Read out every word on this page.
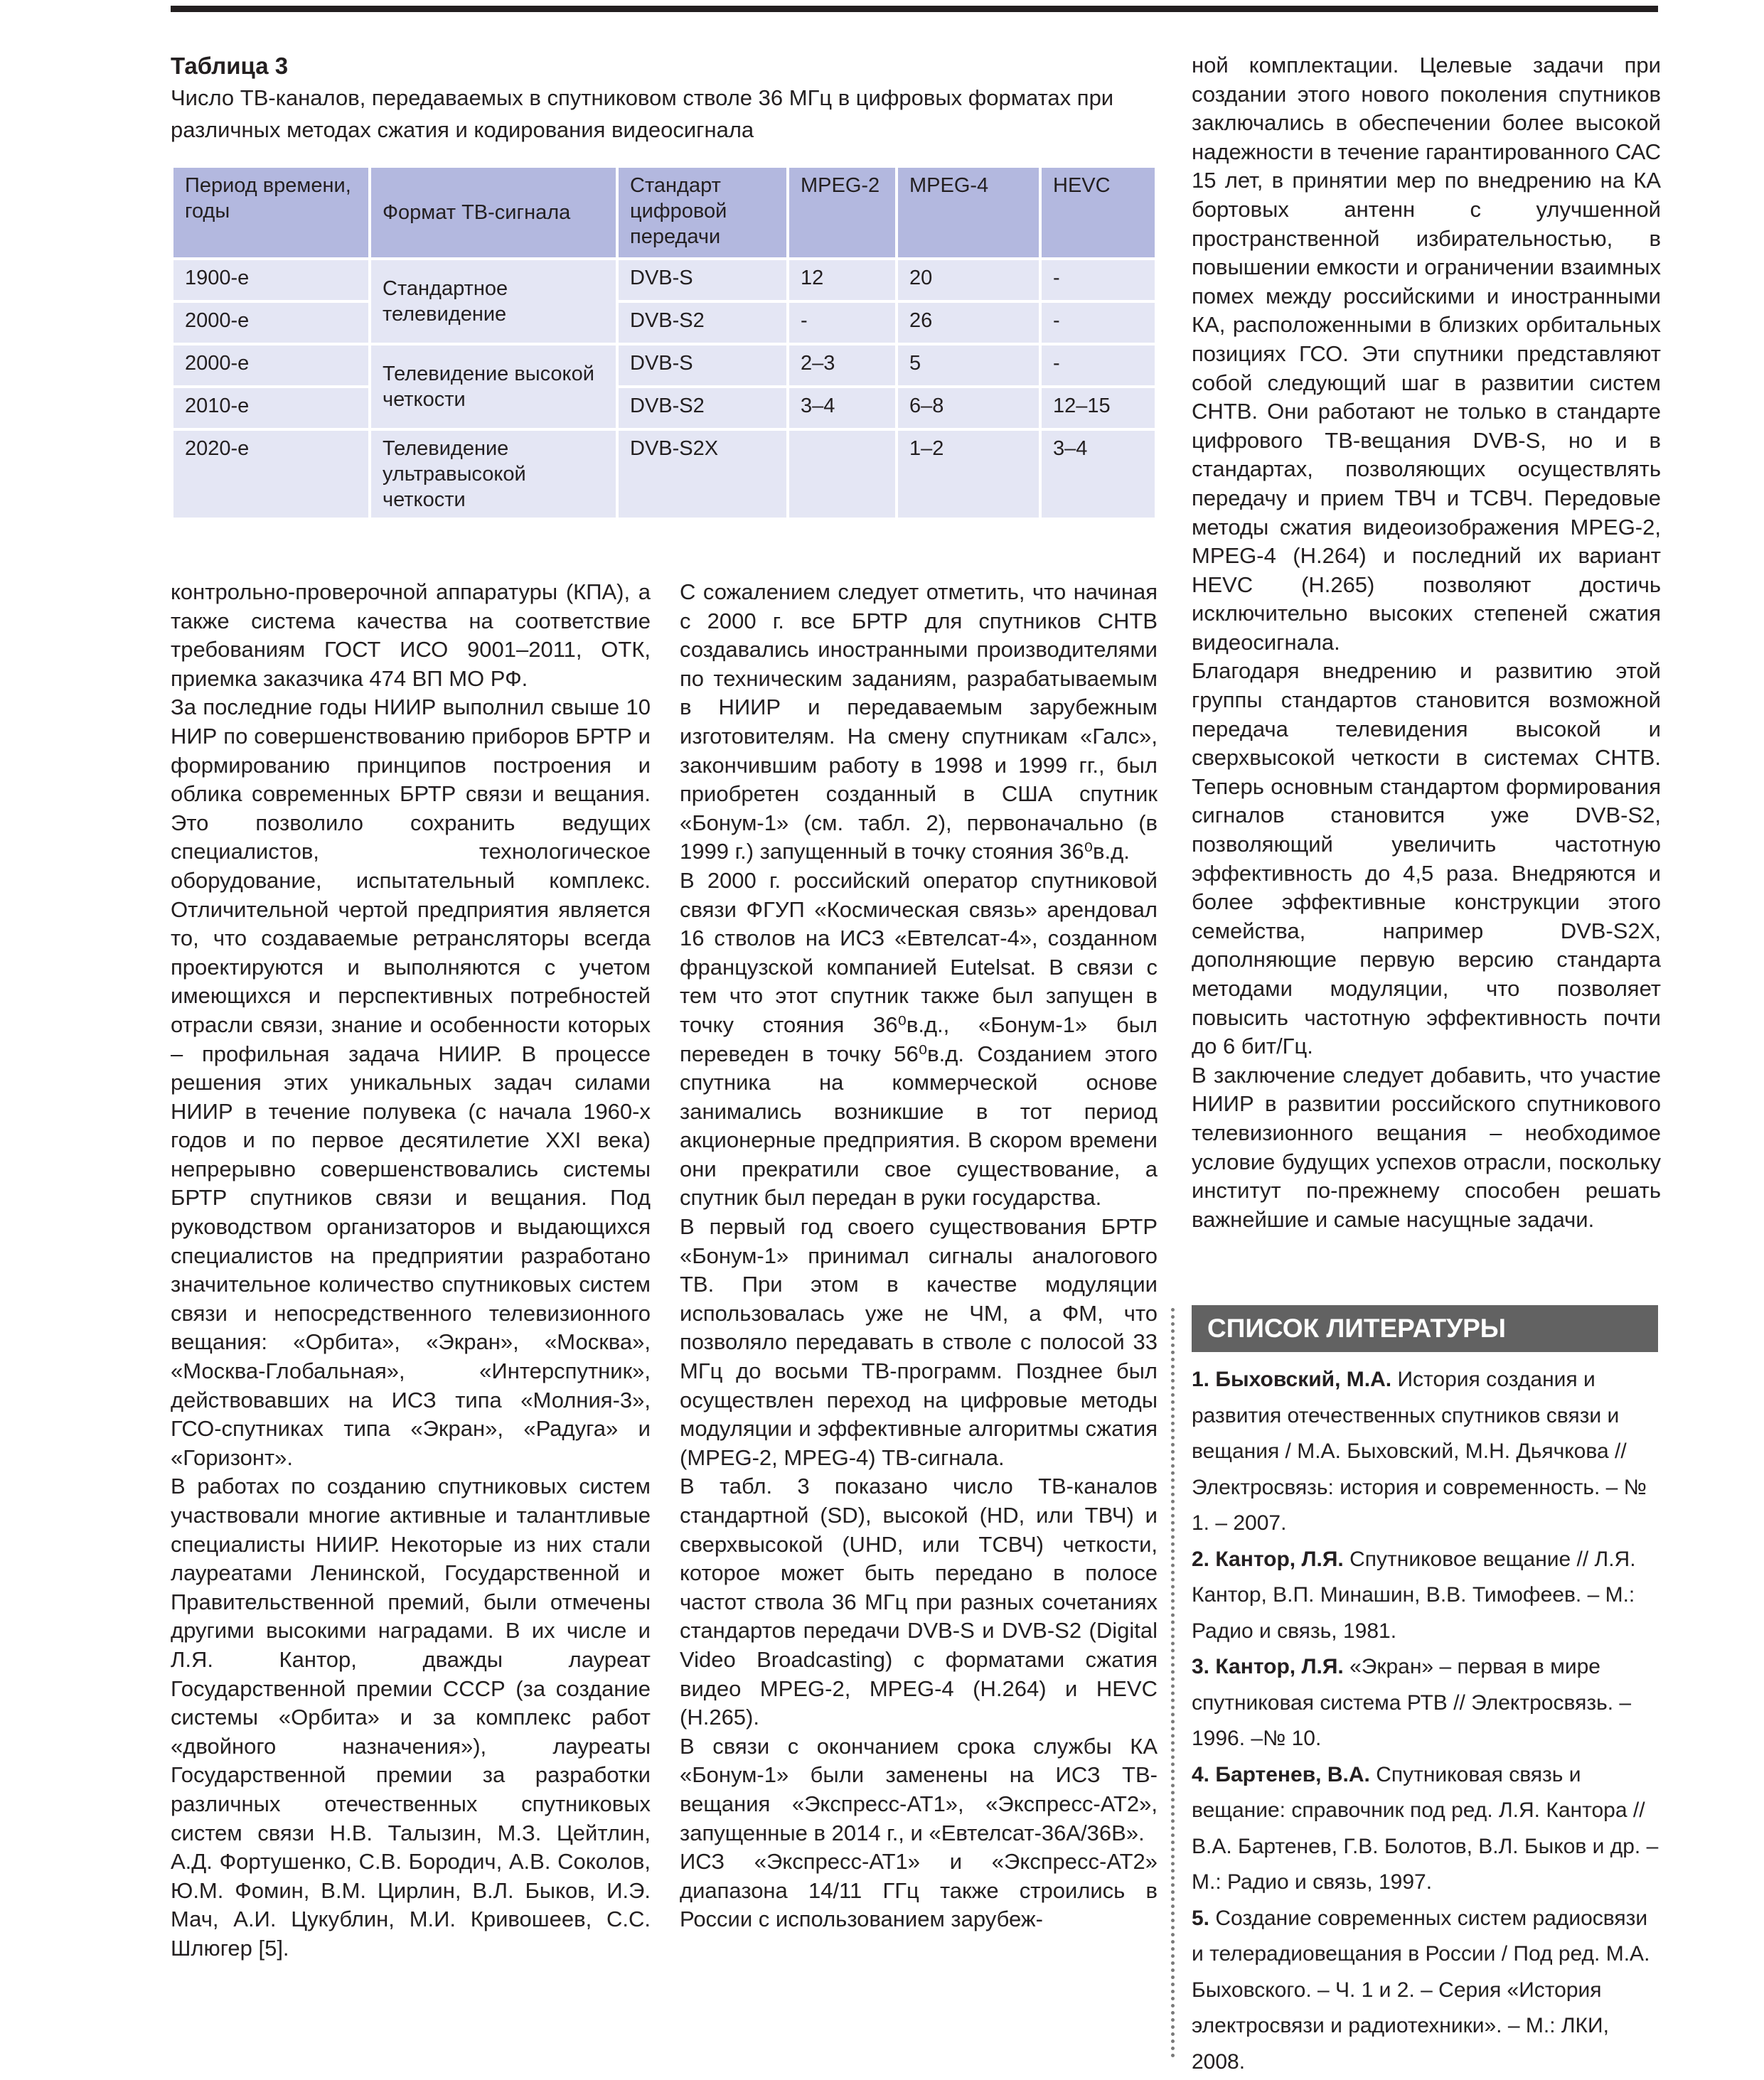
Таблица 3
Число ТВ-каналов, передаваемых в спутниковом стволе 36 МГц в цифровых форматах при различных методах сжатия и кодирования видеосигнала
Период времени, годы	Формат ТВ-сигнала	Стандарт цифровой передачи	MPEG-2	MPEG-4	HEVC
1900-е	Стандартное телевидение	DVB-S	12	20	-
2000-е		DVB-S2	-	26	-
2000-е	Телевидение высокой четкости	DVB-S	2–3	5	-
2010-е		DVB-S2	3–4	6–8	12–15
2020-е	Телевидение ультравысокой четкости	DVB-S2X		1–2	3–4

контрольно-проверочной аппаратуры (КПА), а также система качества на соответствие требованиям ГОСТ ИСО 9001–2011, ОТК, приемка заказчика 474 ВП МО РФ.

За последние годы НИИР выполнил свыше 10 НИР по совершенствованию приборов БРТР и формированию принципов построения и облика современных БРТР связи и вещания. Это позволило сохранить ведущих специалистов, технологическое оборудование, испытательный комплекс. Отличительной чертой предприятия является то, что создаваемые ретрансляторы всегда проектируются и выполняются с учетом имеющихся и перспективных потребностей отрасли связи, знание и особенности которых – профильная задача НИИР. В процессе решения этих уникальных задач силами НИИР в течение полувека (с начала 1960-х годов и по первое десятилетие XXI века) непрерывно совершенствовались системы БРТР спутников связи и вещания. Под руководством организаторов и выдающихся специалистов на предприятии разработано значительное количество спутниковых систем связи и непосредственного телевизионного вещания: «Орбита», «Экран», «Москва», «Москва-Глобальная», «Интерспутник», действовавших на ИСЗ типа «Молния-3», ГСО-спутниках типа «Экран», «Радуга» и «Горизонт».

В работах по созданию спутниковых систем участвовали многие активные и талантливые специалисты НИИР. Некоторые из них стали лауреатами Ленинской, Государственной и Правительственной премий, были отмечены другими высокими наградами. В их числе и Л.Я. Кантор, дважды лауреат Государственной премии СССР (за создание системы «Орбита» и за комплекс работ «двойного назначения»), лауреаты Государственной премии за разработки различных отечественных спутниковых систем связи Н.В. Талызин, М.З. Цейтлин, А.Д. Фортушенко, С.В. Бородич, А.В. Соколов, Ю.М. Фомин, В.М. Цирлин, В.Л. Быков, И.Э. Мач, А.И. Цукублин, М.И. Кривошеев, С.С. Шлюгер [5].

С сожалением следует отметить, что начиная с 2000 г. все БРТР для спутников СНТВ создавались иностранными производителями по техническим заданиям, разрабатываемым в НИИР и передаваемым зарубежным изготовителям. На смену спутникам «Галс», закончившим работу в 1998 и 1999 гг., был приобретен созданный в США спутник «Бонум-1» (см. табл. 2), первоначально (в 1999 г.) запущенный в точку стояния 36⁰в.д.

В 2000 г. российский оператор спутниковой связи ФГУП «Космическая связь» арендовал 16 стволов на ИСЗ «Евтелсат-4», созданном французской компанией Eutelsat. В связи с тем что этот спутник также был запущен в точку стояния 36⁰в.д., «Бонум-1» был переведен в точку 56⁰в.д. Созданием этого спутника на коммерческой основе занимались возникшие в тот период акционерные предприятия. В скором времени они прекратили свое существование, а спутник был передан в руки государства.

В первый год своего существования БРТР «Бонум-1» принимал сигналы аналогового ТВ. При этом в качестве модуляции использовалась уже не ЧМ, а ФМ, что позволяло передавать в стволе с полосой 33 МГц до восьми ТВ-программ. Позднее был осуществлен переход на цифровые методы модуляции и эффективные алгоритмы сжатия (MPEG-2, MPEG-4) ТВ-сигнала.

В табл. 3 показано число ТВ-каналов стандартной (SD), высокой (HD, или ТВЧ) и сверхвысокой (UHD, или ТСВЧ) четкости, которое может быть передано в полосе частот ствола 36 МГц при разных сочетаниях стандартов передачи DVB-S и DVB-S2 (Digital Video Broadcasting) с форматами сжатия видео MPEG-2, MPEG-4 (H.264) и HEVC (H.265).

В связи с окончанием срока службы КА «Бонум-1» были заменены на ИСЗ ТВ-вещания «Экспресс-АТ1», «Экспресс-АТ2», запущенные в 2014 г., и «Евтелсат-36А/36В».

ИСЗ «Экспресс-АТ1» и «Экспресс-АТ2» диапазона 14/11 ГГц также строились в России с использованием зарубеж-

ной комплектации. Целевые задачи при создании этого нового поколения спутников заключались в обеспечении более высокой надежности в течение гарантированного САС 15 лет, в принятии мер по внедрению на КА бортовых антенн с улучшенной пространственной избирательностью, в повышении емкости и ограничении взаимных помех между российскими и иностранными КА, расположенными в близких орбитальных позициях ГСО. Эти спутники представляют собой следующий шаг в развитии систем СНТВ. Они работают не только в стандарте цифрового ТВ-вещания DVB-S, но и в стандартах, позволяющих осуществлять передачу и прием ТВЧ и ТСВЧ. Передовые методы сжатия видеоизображения MPEG-2, MPEG-4 (H.264) и последний их вариант HEVC (H.265) позволяют достичь исключительно высоких степеней сжатия видеосигнала.

Благодаря внедрению и развитию этой группы стандартов становится возможной передача телевидения высокой и сверхвысокой четкости в системах СНТВ. Теперь основным стандартом формирования сигналов становится уже DVB-S2, позволяющий увеличить частотную эффективность до 4,5 раза. Внедряются и более эффективные конструкции этого семейства, например DVB-S2X, дополняющие первую версию стандарта методами модуляции, что позволяет повысить частотную эффективность почти до 6 бит/Гц.

В заключение следует добавить, что участие НИИР в развитии российского спутникового телевизионного вещания – необходимое условие будущих успехов отрасли, поскольку институт по-прежнему способен решать важнейшие и самые насущные задачи.

СПИСОК ЛИТЕРАТУРЫ

1. Быховский, М.А. История создания и развития отечественных спутников связи и вещания / М.А. Быховский, М.Н. Дьячкова // Электросвязь: история и современность. – № 1. – 2007.

2. Кантор, Л.Я. Спутниковое вещание // Л.Я. Кантор, В.П. Минашин, В.В. Тимофеев. – М.: Радио и связь, 1981.

3. Кантор, Л.Я. «Экран» – первая в мире спутниковая система РТВ // Электросвязь. – 1996. –№ 10.

4. Бартенев, В.А. Спутниковая связь и вещание: справочник под ред. Л.Я. Кантора // В.А. Бартенев, Г.В. Болотов, В.Л. Быков и др. – М.: Радио и связь, 1997.

5. Создание современных систем радиосвязи и телерадиовещания в России / Под ред. М.А. Быховского. – Ч. 1 и 2. – Серия «История электросвязи и радиотехники». – М.: ЛКИ, 2008.
